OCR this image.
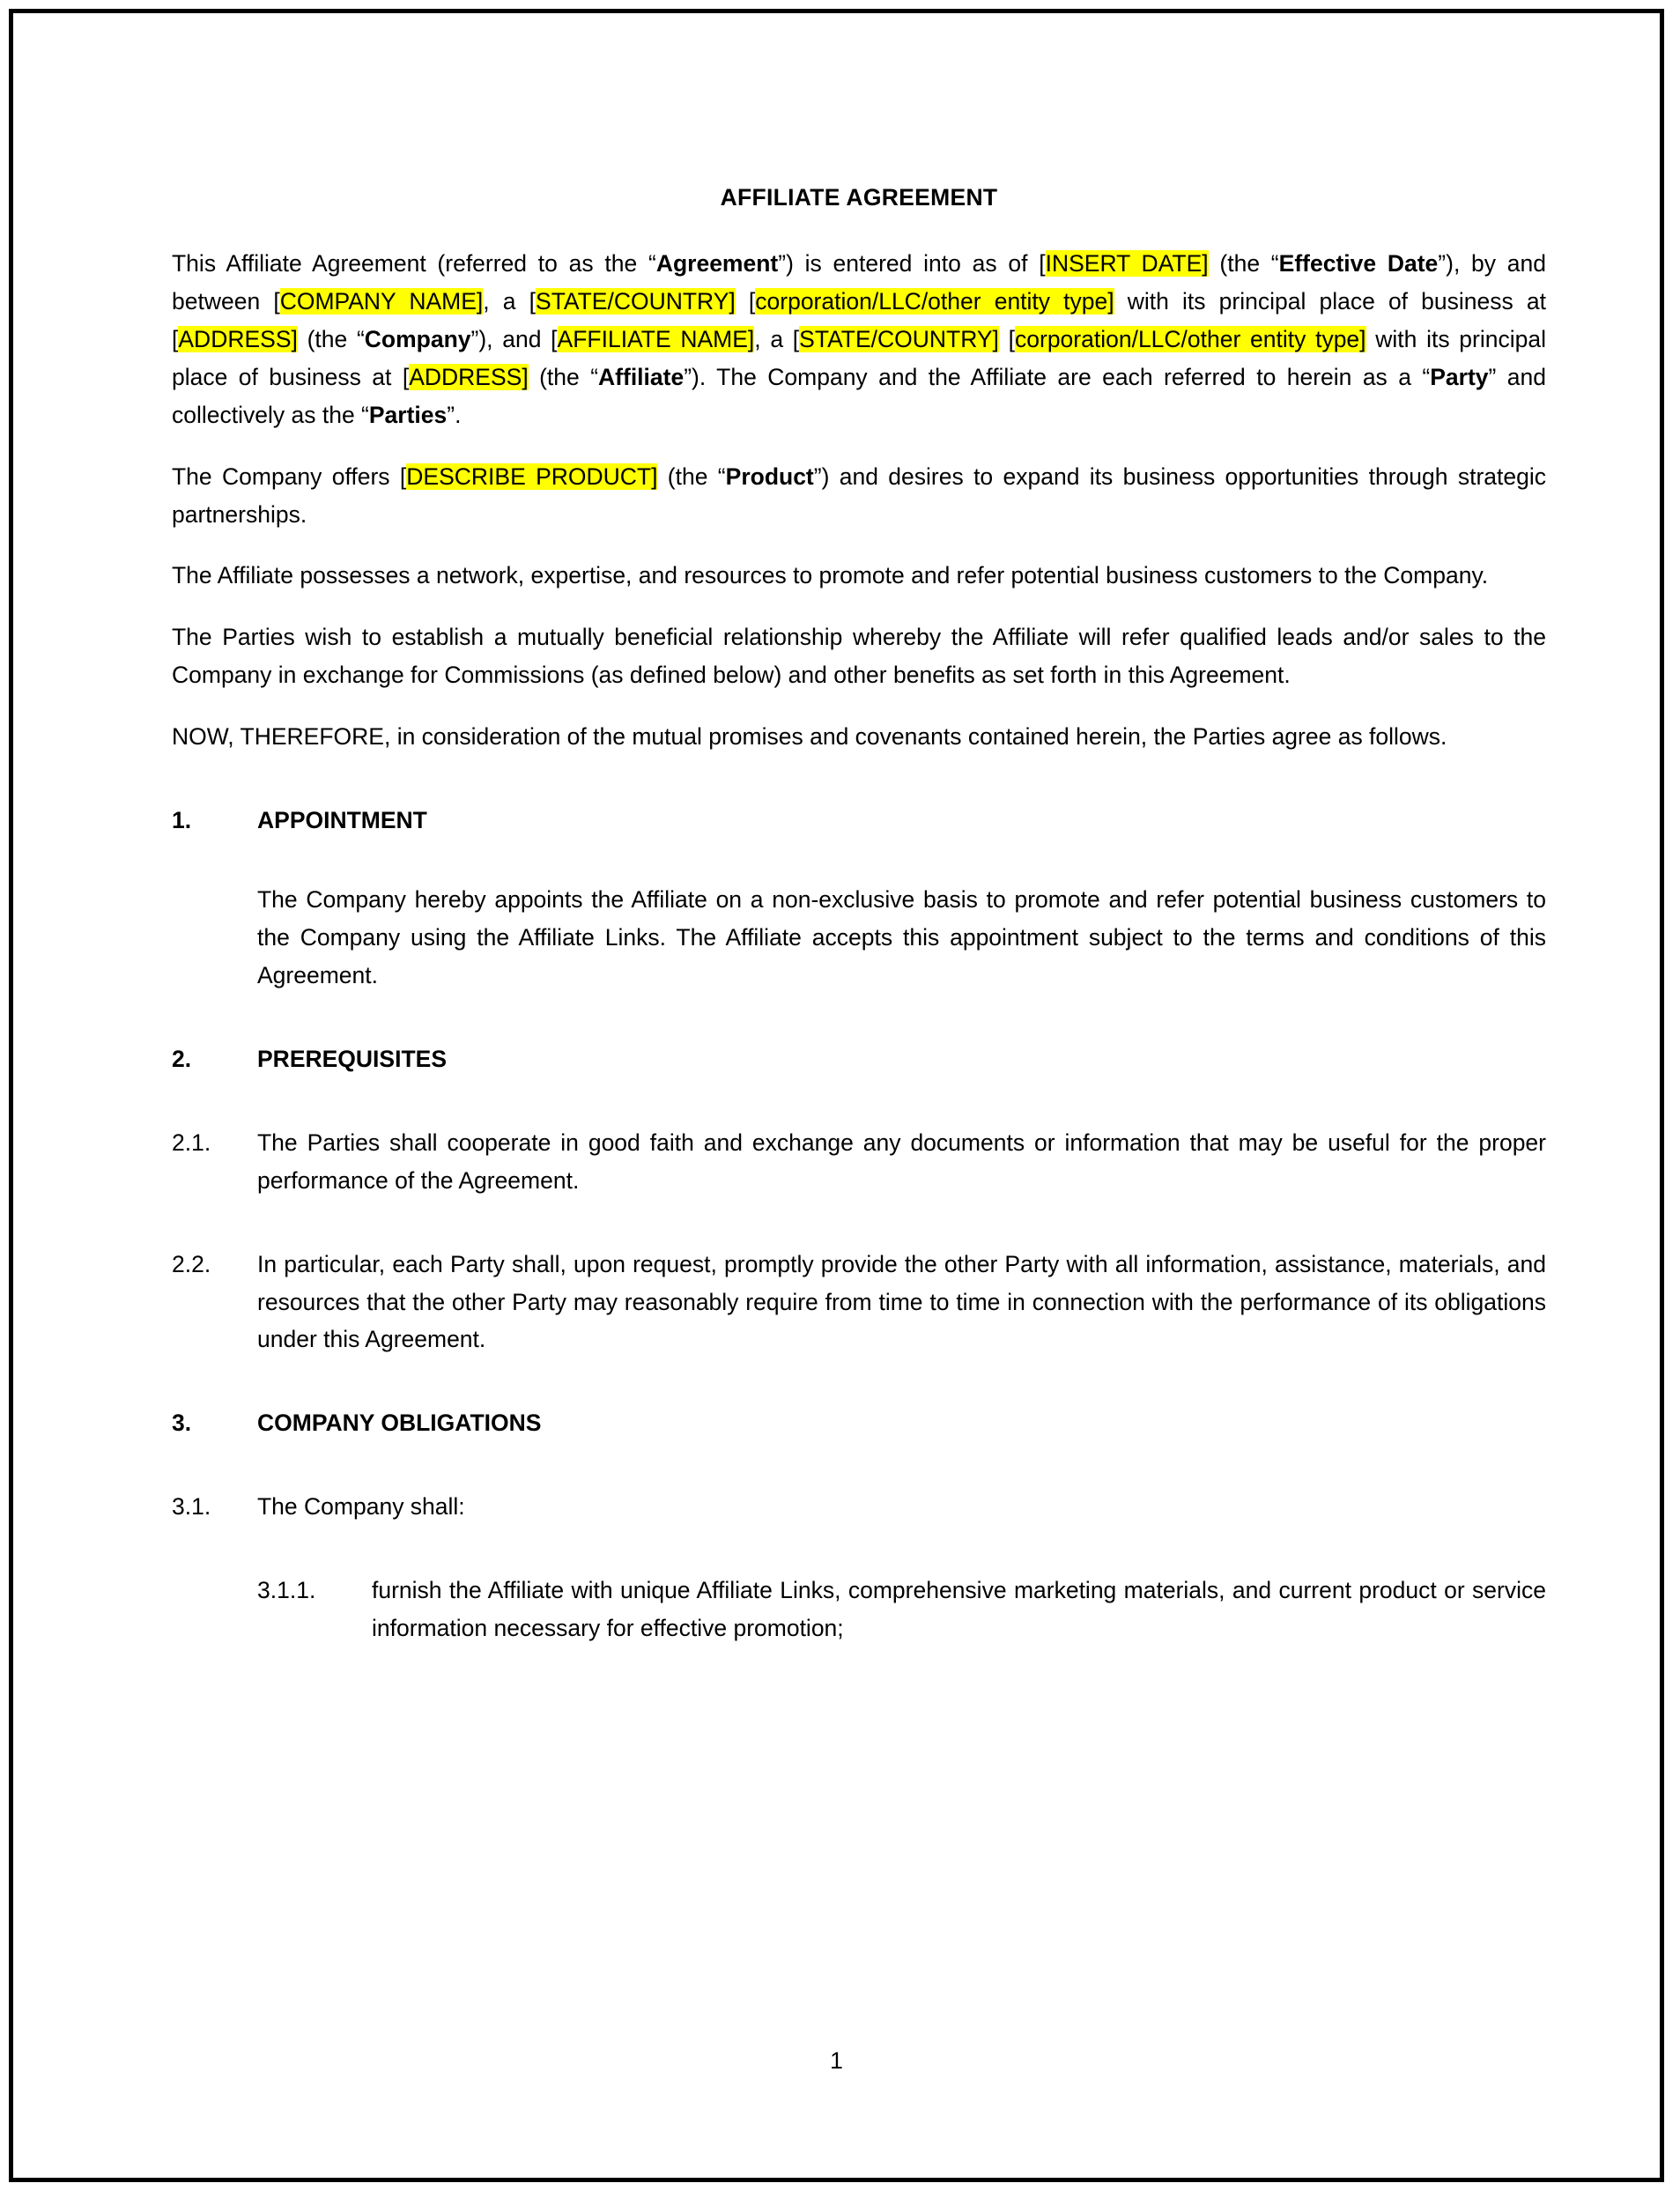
AFFILIATE AGREEMENT

This Affiliate Agreement (referred to as the “Agreement”) is entered into as of [INSERT DATE] (the “Effective Date”), by and between [COMPANY NAME], a [STATE/COUNTRY] [corporation/LLC/other entity type] with its principal place of business at [ADDRESS] (the “Company”), and [AFFILIATE NAME], a [STATE/COUNTRY] [corporation/LLC/other entity type] with its principal place of business at [ADDRESS] (the “Affiliate”). The Company and the Affiliate are each referred to herein as a “Party” and collectively as the “Parties”.

The Company offers [DESCRIBE PRODUCT] (the “Product”) and desires to expand its business opportunities through strategic partnerships.

The Affiliate possesses a network, expertise, and resources to promote and refer potential business customers to the Company.

The Parties wish to establish a mutually beneficial relationship whereby the Affiliate will refer qualified leads and/or sales to the Company in exchange for Commissions (as defined below) and other benefits as set forth in this Agreement.

NOW, THEREFORE, in consideration of the mutual promises and covenants contained herein, the Parties agree as follows.

1.	APPOINTMENT

The Company hereby appoints the Affiliate on a non-exclusive basis to promote and refer potential business customers to the Company using the Affiliate Links. The Affiliate accepts this appointment subject to the terms and conditions of this Agreement.

2.	PREREQUISITES
2.1.	The Parties shall cooperate in good faith and exchange any documents or information that may be useful for the proper performance of the Agreement.
2.2.	In particular, each Party shall, upon request, promptly provide the other Party with all information, assistance, materials, and resources that the other Party may reasonably require from time to time in connection with the performance of its obligations under this Agreement.
3.	COMPANY OBLIGATIONS
3.1.	The Company shall:
3.1.1.	furnish the Affiliate with unique Affiliate Links, comprehensive marketing materials, and current product or service information necessary for effective promotion;
1
